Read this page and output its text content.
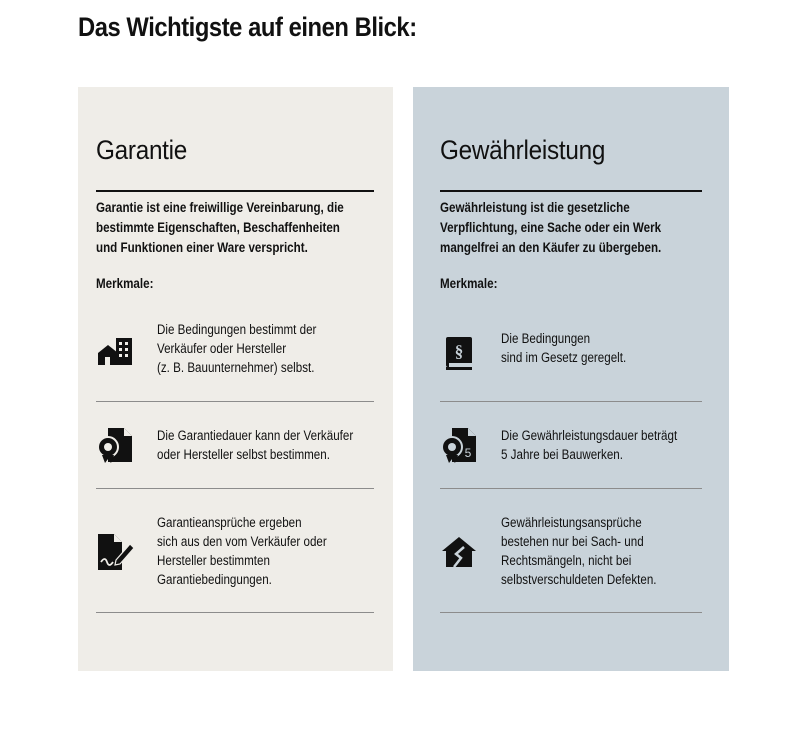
Das Wichtigste auf einen Blick:
Garantie
Garantie ist eine freiwillige Vereinbarung, die
bestimmte Eigenschaften, Beschaffenheiten
und Funktionen einer Ware verspricht.
Merkmale:
Die Bedingungen bestimmt der
Verkäufer oder Hersteller
(z. B. Bauunternehmer) selbst.
Die Garantiedauer kann der Verkäufer
oder Hersteller selbst bestimmen.
Garantieansprüche ergeben
sich aus den vom Verkäufer oder
Hersteller bestimmten
Garantiebedingungen.
Gewährleistung
Gewährleistung ist die gesetzliche
Verpflichtung, eine Sache oder ein Werk
mangelfrei an den Käufer zu übergeben.
Merkmale:
§
Die Bedingungen
sind im Gesetz geregelt.
5
Die Gewährleistungsdauer beträgt
5 Jahre bei Bauwerken.
Gewährleistungsansprüche
bestehen nur bei Sach- und
Rechtsmängeln, nicht bei
selbstverschuldeten Defekten.
